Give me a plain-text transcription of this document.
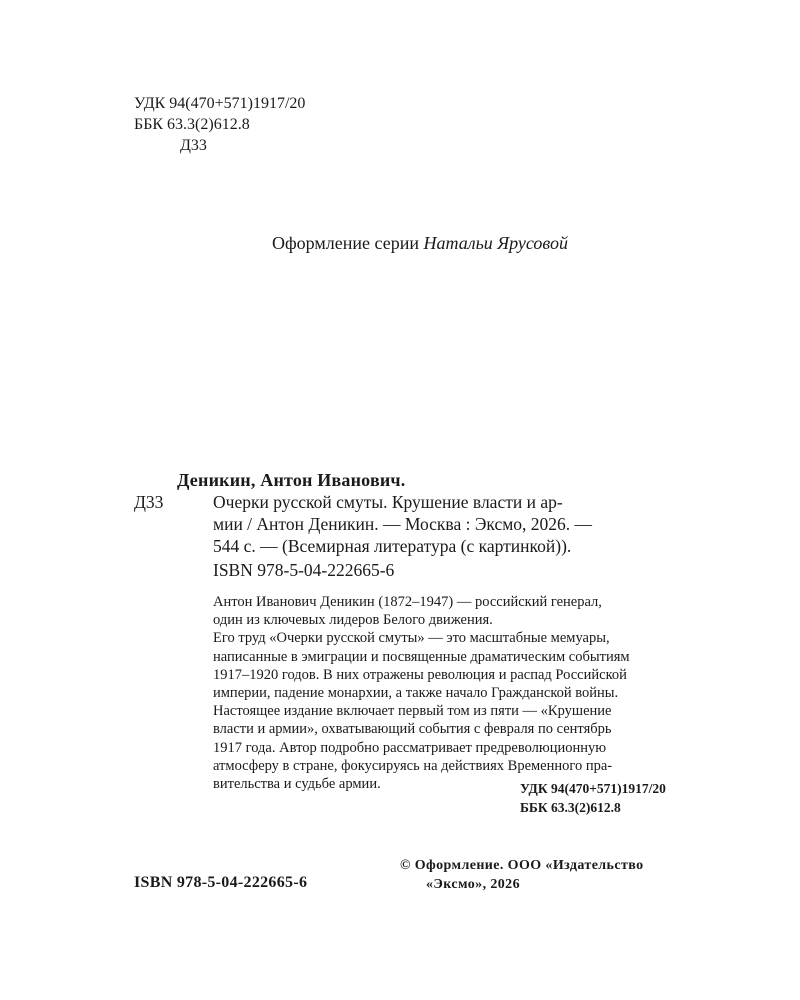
УДК 94(470+571)1917/20
ББК 63.3(2)612.8
Д33
Оформление серии Натальи Ярусовой
Деникин, Антон Иванович.
Д33	Очерки русской смуты. Крушение власти и ар-
мии / Антон Деникин. — Москва : Эксмо, 2026. —
544 с. — (Всемирная литература (с картинкой)).
ISBN 978-5-04-222665-6

Антон Иванович Деникин (1872–1947) — российский генерал,

один из ключевых лидеров Белого движения.

Его труд «Очерки русской смуты» — это масштабные мемуары,

написанные в эмиграции и посвященные драматическим событиям

1917–1920 годов. В них отражены революция и распад Российской

империи, падение монархии, а также начало Гражданской войны.

Настоящее издание включает первый том из пяти — «Крушение

власти и армии», охватывающий события с февраля по сентябрь

1917 года. Автор подробно рассматривает предреволюционную

атмосферу в стране, фокусируясь на действиях Временного пра-

вительства и судьбе армии.	УДК 94(470+571)1917/20
ББК 63.3(2)612.8
ISBN 978-5-04-222665-6
© Оформление. ООО «Издательство
«Эксмо», 2026
